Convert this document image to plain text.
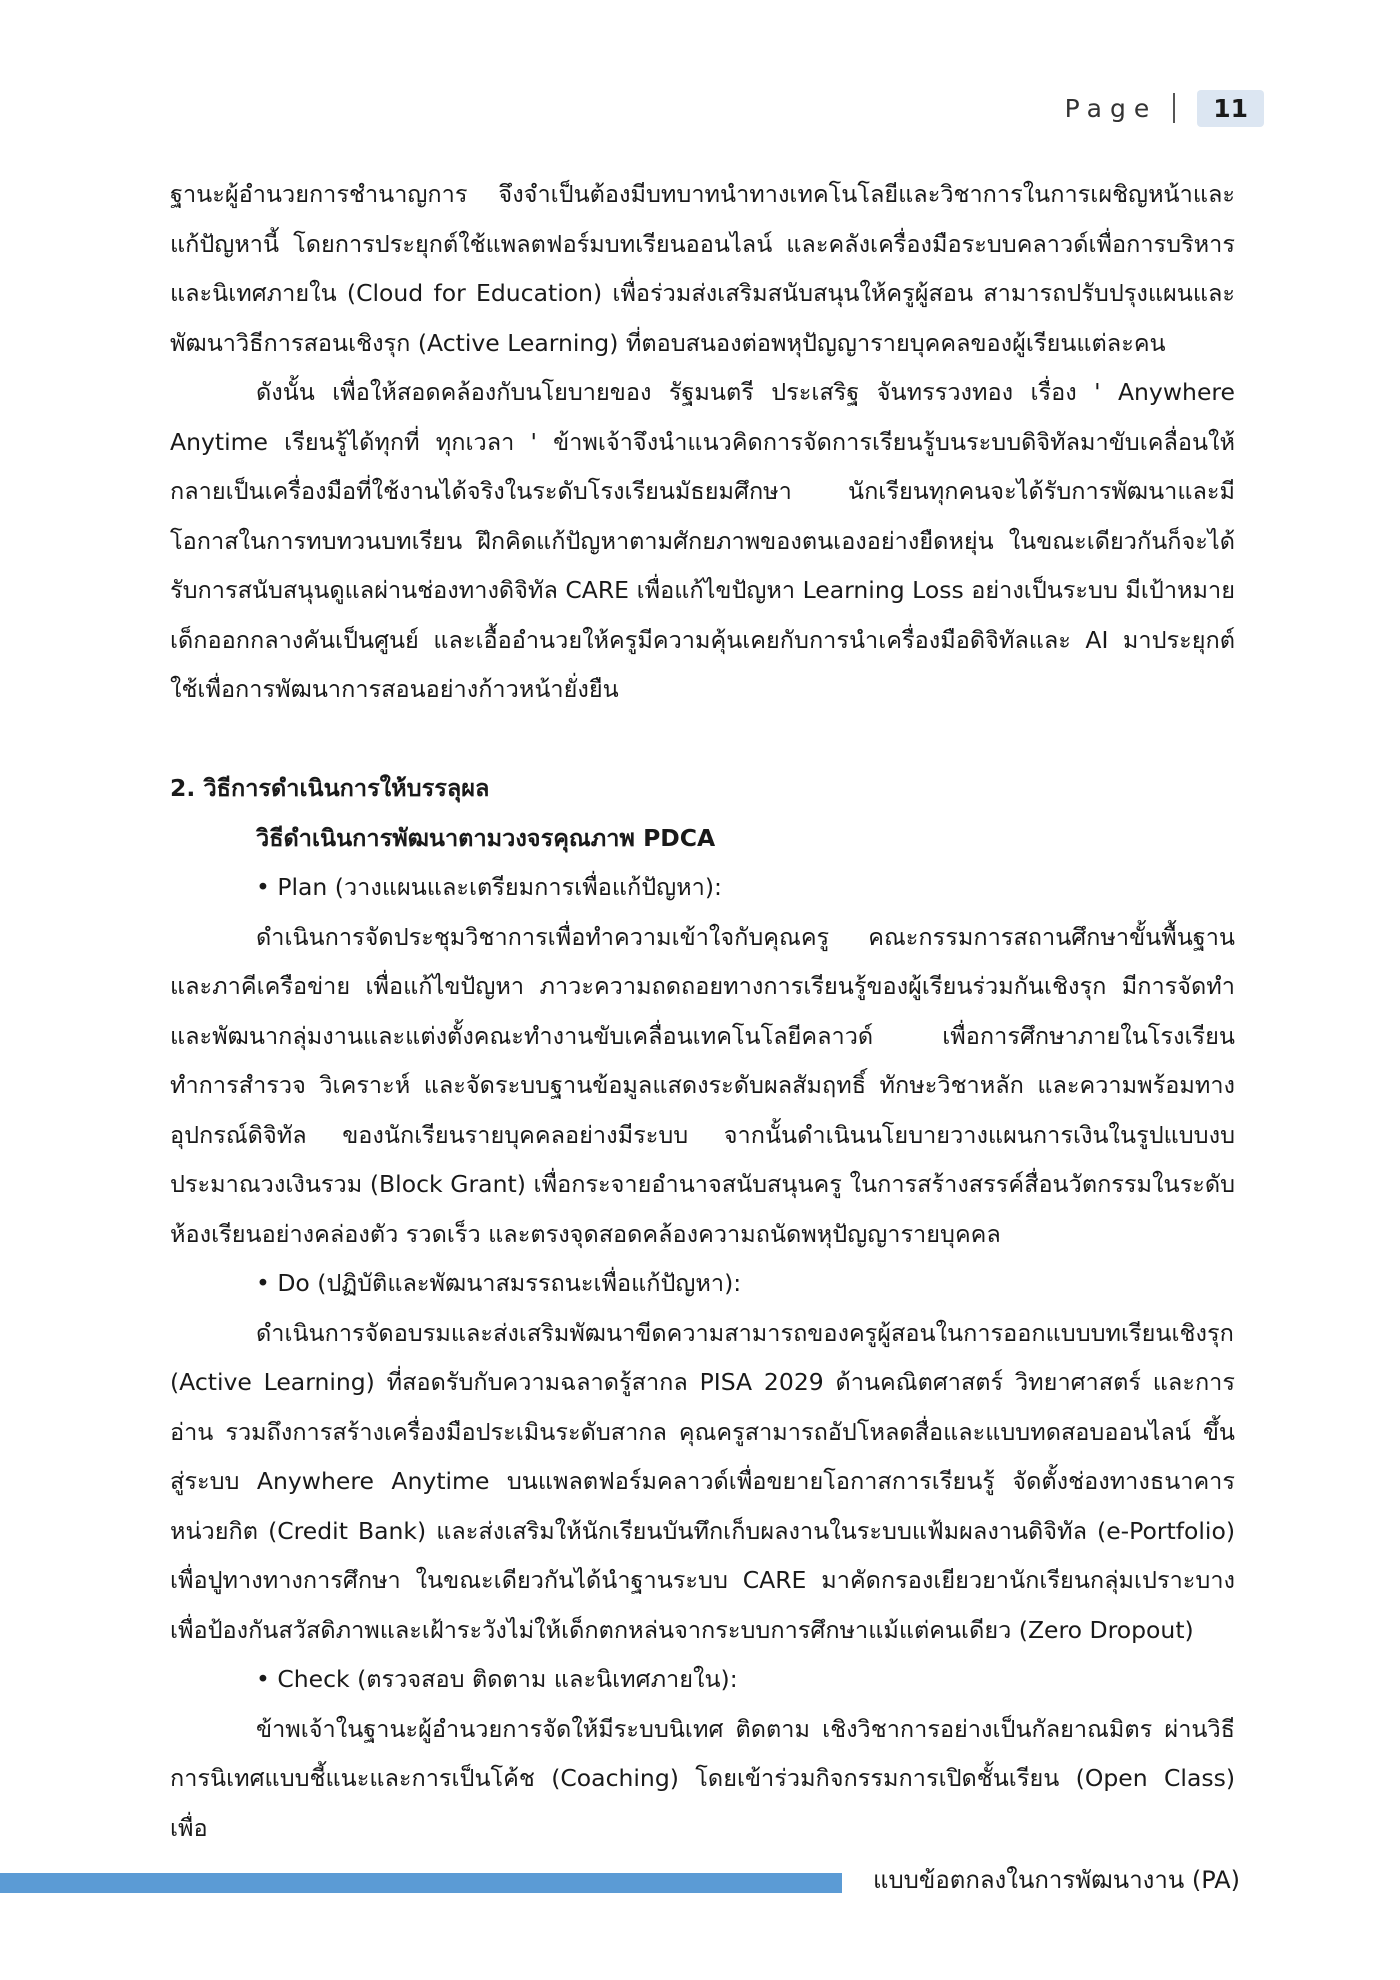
Page	11

ฐานะผู้อำนวยการชำนาญการ จึงจำเป็นต้องมีบทบาทนำทางเทคโนโลยีและวิชาการในการเผชิญหน้าและแก้ปัญหานี้ โดยการประยุกต์ใช้แพลตฟอร์มบทเรียนออนไลน์ และคลังเครื่องมือระบบคลาวด์เพื่อการบริหารและนิเทศภายใน (Cloud for Education) เพื่อร่วมส่งเสริมสนับสนุนให้ครูผู้สอน สามารถปรับปรุงแผนและพัฒนาวิธีการสอนเชิงรุก (Active Learning) ที่ตอบสนองต่อพหุปัญญารายบุคคลของผู้เรียนแต่ละคน

ดังนั้น เพื่อให้สอดคล้องกับนโยบายของ รัฐมนตรี ประเสริฐ จันทรรวงทอง เรื่อง ' Anywhere Anytime เรียนรู้ได้ทุกที่ ทุกเวลา ' ข้าพเจ้าจึงนำแนวคิดการจัดการเรียนรู้บนระบบดิจิทัลมาขับเคลื่อนให้กลายเป็นเครื่องมือที่ใช้งานได้จริงในระดับโรงเรียนมัธยมศึกษา นักเรียนทุกคนจะได้รับการพัฒนาและมีโอกาสในการทบทวนบทเรียน ฝึกคิดแก้ปัญหาตามศักยภาพของตนเองอย่างยืดหยุ่น ในขณะเดียวกันก็จะได้รับการสนับสนุนดูแลผ่านช่องทางดิจิทัล CARE เพื่อแก้ไขปัญหา Learning Loss อย่างเป็นระบบ มีเป้าหมายเด็กออกกลางคันเป็นศูนย์ และเอื้ออำนวยให้ครูมีความคุ้นเคยกับการนำเครื่องมือดิจิทัลและ AI มาประยุกต์ใช้เพื่อการพัฒนาการสอนอย่างก้าวหน้ายั่งยืน

2. วิธีการดำเนินการให้บรรลุผล

วิธีดำเนินการพัฒนาตามวงจรคุณภาพ PDCA

• Plan (วางแผนและเตรียมการเพื่อแก้ปัญหา):

ดำเนินการจัดประชุมวิชาการเพื่อทำความเข้าใจกับคุณครู คณะกรรมการสถานศึกษาขั้นพื้นฐาน และภาคีเครือข่าย เพื่อแก้ไขปัญหา ภาวะความถดถอยทางการเรียนรู้ของผู้เรียนร่วมกันเชิงรุก มีการจัดทำและพัฒนากลุ่มงานและแต่งตั้งคณะทำงานขับเคลื่อนเทคโนโลยีคลาวด์ เพื่อการศึกษาภายในโรงเรียน ทำการสำรวจ วิเคราะห์ และจัดระบบฐานข้อมูลแสดงระดับผลสัมฤทธิ์ ทักษะวิชาหลัก และความพร้อมทางอุปกรณ์ดิจิทัล ของนักเรียนรายบุคคลอย่างมีระบบ จากนั้นดำเนินนโยบายวางแผนการเงินในรูปแบบงบประมาณวงเงินรวม (Block Grant) เพื่อกระจายอำนาจสนับสนุนครู ในการสร้างสรรค์สื่อนวัตกรรมในระดับห้องเรียนอย่างคล่องตัว รวดเร็ว และตรงจุดสอดคล้องความถนัดพหุปัญญารายบุคคล

• Do (ปฏิบัติและพัฒนาสมรรถนะเพื่อแก้ปัญหา):

ดำเนินการจัดอบรมและส่งเสริมพัฒนาขีดความสามารถของครูผู้สอนในการออกแบบบทเรียนเชิงรุก (Active Learning) ที่สอดรับกับความฉลาดรู้สากล PISA 2029 ด้านคณิตศาสตร์ วิทยาศาสตร์ และการอ่าน รวมถึงการสร้างเครื่องมือประเมินระดับสากล คุณครูสามารถอัปโหลดสื่อและแบบทดสอบออนไลน์ ขึ้นสู่ระบบ Anywhere Anytime บนแพลตฟอร์มคลาวด์เพื่อขยายโอกาสการเรียนรู้ จัดตั้งช่องทางธนาคารหน่วยกิต (Credit Bank) และส่งเสริมให้นักเรียนบันทึกเก็บผลงานในระบบแฟ้มผลงานดิจิทัล (e-Portfolio) เพื่อปูทางทางการศึกษา ในขณะเดียวกันได้นำฐานระบบ CARE มาคัดกรองเยียวยานักเรียนกลุ่มเปราะบางเพื่อป้องกันสวัสดิภาพและเฝ้าระวังไม่ให้เด็กตกหล่นจากระบบการศึกษาแม้แต่คนเดียว (Zero Dropout)

• Check (ตรวจสอบ ติดตาม และนิเทศภายใน):

ข้าพเจ้าในฐานะผู้อำนวยการจัดให้มีระบบนิเทศ ติดตาม เชิงวิชาการอย่างเป็นกัลยาณมิตร ผ่านวิธีการนิเทศแบบชี้แนะและการเป็นโค้ช (Coaching) โดยเข้าร่วมกิจกรรมการเปิดชั้นเรียน (Open Class) เพื่อ

แบบข้อตกลงในการพัฒนางาน (PA)
